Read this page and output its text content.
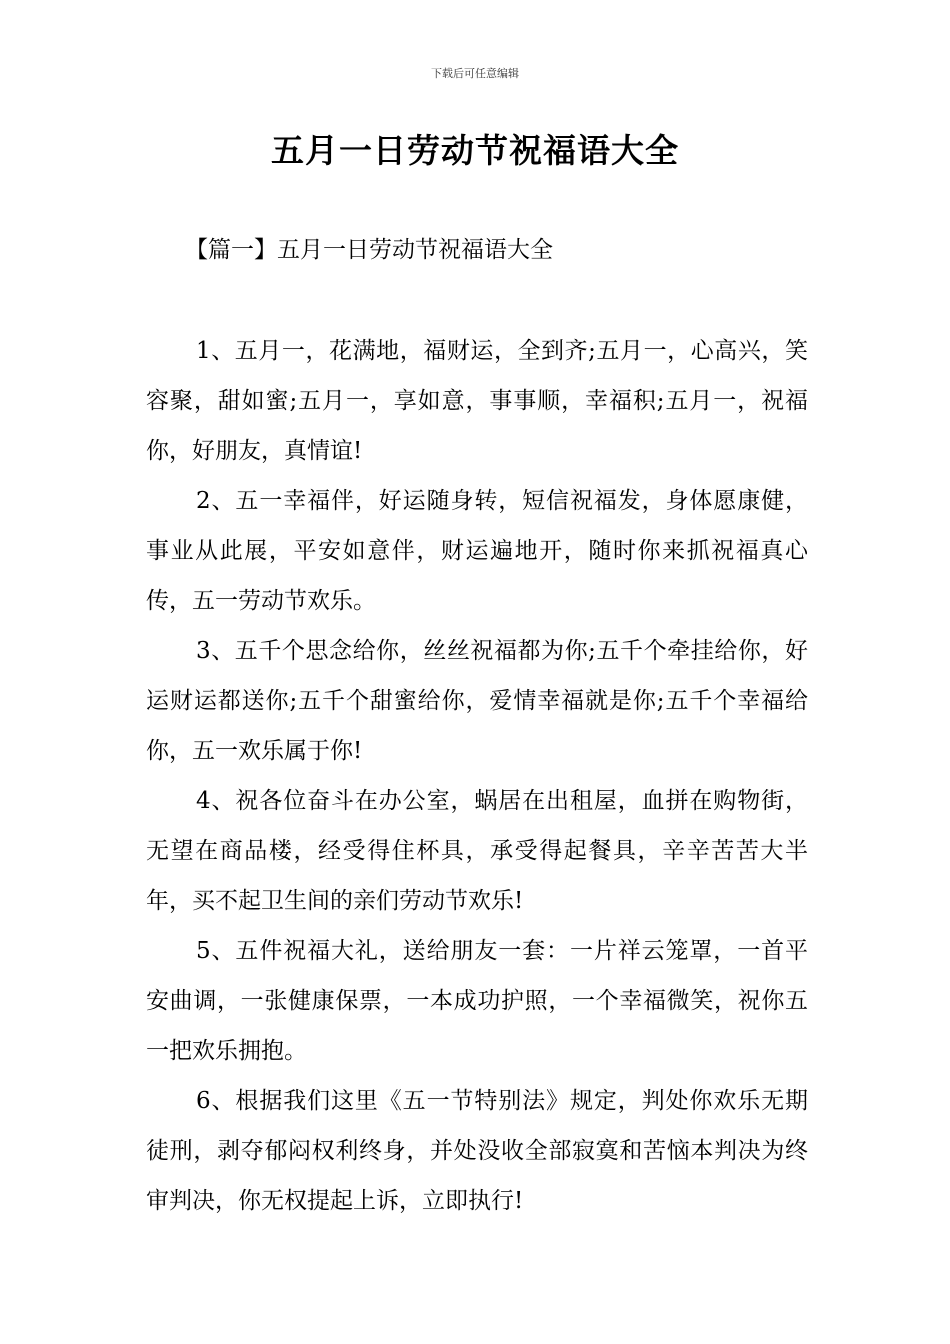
下载后可任意编辑
五月一日劳动节祝福语大全
【篇一】五月一日劳动节祝福语大全

1、五月一，花满地，福财运，全到齐;五月一，心高兴，笑容聚，甜如蜜;五月一，享如意，事事顺，幸福积;五月一，祝福你，好朋友，真情谊!

2、五一幸福伴，好运随身转，短信祝福发，身体愿康健，事业从此展，平安如意伴，财运遍地开，随时你来抓祝福真心传，五一劳动节欢乐。

3、五千个思念给你，丝丝祝福都为你;五千个牵挂给你，好运财运都送你;五千个甜蜜给你，爱情幸福就是你;五千个幸福给你，五一欢乐属于你!

4、祝各位奋斗在办公室，蜗居在出租屋，血拼在购物街，无望在商品楼，经受得住杯具，承受得起餐具，辛辛苦苦大半年，买不起卫生间的亲们劳动节欢乐!

5、五件祝福大礼，送给朋友一套：一片祥云笼罩，一首平安曲调，一张健康保票，一本成功护照，一个幸福微笑，祝你五一把欢乐拥抱。

6、根据我们这里《五一节特别法》规定，判处你欢乐无期徒刑，剥夺郁闷权利终身，并处没收全部寂寞和苦恼本判决为终审判决，你无权提起上诉，立即执行!
